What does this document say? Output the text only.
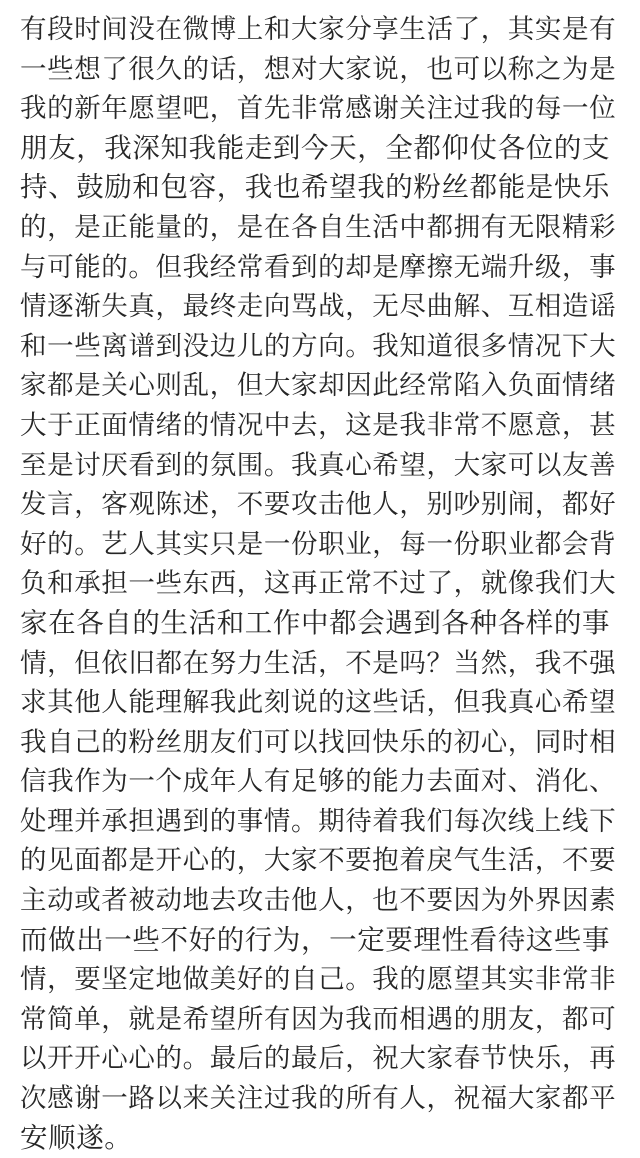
有段时间没在微博上和大家分享生活了，其实是有
一些想了很久的话，想对大家说，也可以称之为是
我的新年愿望吧，首先非常感谢关注过我的每一位
朋友，我深知我能走到今天，全都仰仗各位的支
持、鼓励和包容，我也希望我的粉丝都能是快乐
的，是正能量的，是在各自生活中都拥有无限精彩
与可能的。但我经常看到的却是摩擦无端升级，事
情逐渐失真，最终走向骂战，无尽曲解、互相造谣
和一些离谱到没边儿的方向。我知道很多情况下大
家都是关心则乱，但大家却因此经常陷入负面情绪
大于正面情绪的情况中去，这是我非常不愿意，甚
至是讨厌看到的氛围。我真心希望，大家可以友善
发言，客观陈述，不要攻击他人，别吵别闹，都好
好的。艺人其实只是一份职业，每一份职业都会背
负和承担一些东西，这再正常不过了，就像我们大
家在各自的生活和工作中都会遇到各种各样的事
情，但依旧都在努力生活，不是吗？当然，我不强
求其他人能理解我此刻说的这些话，但我真心希望
我自己的粉丝朋友们可以找回快乐的初心，同时相
信我作为一个成年人有足够的能力去面对、消化、
处理并承担遇到的事情。期待着我们每次线上线下
的见面都是开心的，大家不要抱着戾气生活，不要
主动或者被动地去攻击他人，也不要因为外界因素
而做出一些不好的行为，一定要理性看待这些事
情，要坚定地做美好的自己。我的愿望其实非常非
常简单，就是希望所有因为我而相遇的朋友，都可
以开开心心的。最后的最后，祝大家春节快乐，再
次感谢一路以来关注过我的所有人，祝福大家都平
安顺遂。
